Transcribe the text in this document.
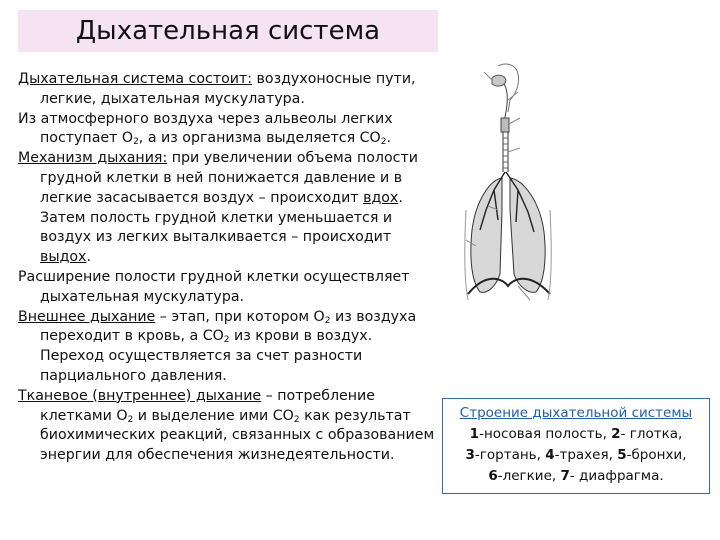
Дыхательная система

Дыхательная система состоит: воздухоносные пути, легкие, дыхательная мускулатура.

Из атмосферного воздуха через альвеолы легких поступает $О_2$, а из организма выделяется $СО_2$.

Механизм дыхания: при увеличении объема полости грудной клетки в ней понижается давление и в легкие засасывается воздух – происходит вдох. Затем полость грудной клетки уменьшается и воздух из легких выталкивается – происходит выдох.

Расширение полости грудной клетки осуществляет дыхательная мускулатура.

Внешнее дыхание – этап, при котором $О_2$ из воздуха переходит в кровь, а $СО_2$ из крови в воздух. Переход осуществляется за счет разности парциального давления.

Тканевое (внутреннее) дыхание – потребление клетками $О_2$ и выделение ими $СО_2$ как результат биохимических реакций, связанных с образованием энергии для обеспечения жизнедеятельности.

Строение дыхательной системы
1-носовая полость, 2- глотка,
3-гортань, 4-трахея, 5-бронхи,
6-легкие, 7- диафрагма.
